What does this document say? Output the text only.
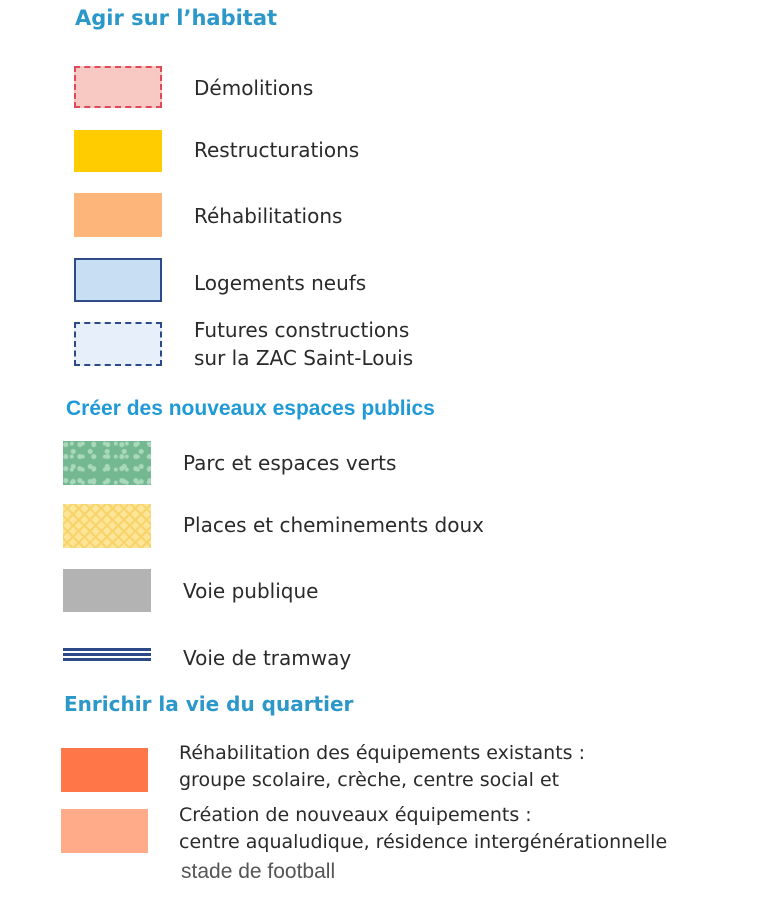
Agir sur l’habitat
Démolitions
Restructurations
Réhabilitations
Logements neufs
Futures constructions
sur la ZAC Saint-Louis
Créer des nouveaux espaces publics
Parc et espaces verts
Places et cheminements doux
Voie publique
Voie de tramway
Enrichir la vie du quartier
Réhabilitation des équipements existants :
groupe scolaire, crèche, centre social et
Création de nouveaux équipements :
centre aqualudique, résidence intergénérationnelle
stade de football
